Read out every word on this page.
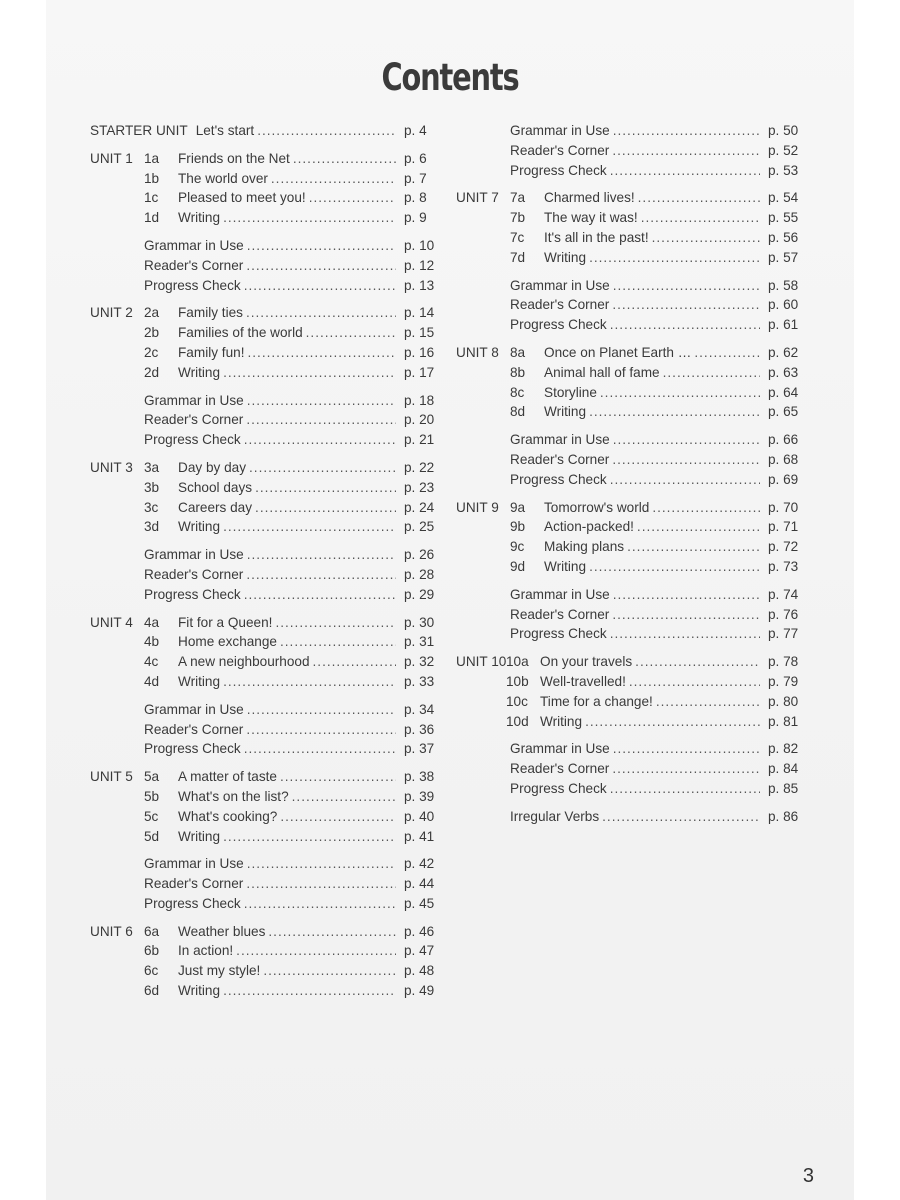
Contents
STARTER UNIT Let's start .....	p. 4
UNIT 1 1a	Friends on the Net .....	p. 6
1b	The world over .....	p. 7
1c	Pleased to meet you! .....	p. 8
1d	Writing .....	p. 9
Grammar in Use .....	p. 10
Reader's Corner .....	p. 12
Progress Check .....	p. 13
UNIT 2 2a	Family ties .....	p. 14
2b	Families of the world .....	p. 15
2c	Family fun! .....	p. 16
2d	Writing .....	p. 17
Grammar in Use .....	p. 18
Reader's Corner .....	p. 20
Progress Check .....	p. 21
UNIT 3 3a	Day by day .....	p. 22
3b	School days .....	p. 23
3c	Careers day .....	p. 24
3d	Writing .....	p. 25
Grammar in Use .....	p. 26
Reader's Corner .....	p. 28
Progress Check .....	p. 29
UNIT 4 4a	Fit for a Queen! .....	p. 30
4b	Home exchange .....	p. 31
4c	A new neighbourhood .....	p. 32
4d	Writing .....	p. 33
Grammar in Use .....	p. 34
Reader's Corner .....	p. 36
Progress Check .....	p. 37
UNIT 5 5a	A matter of taste .....	p. 38
5b	What's on the list? .....	p. 39
5c	What's cooking? .....	p. 40
5d	Writing .....	p. 41
Grammar in Use .....	p. 42
Reader's Corner .....	p. 44
Progress Check .....	p. 45
UNIT 6 6a	Weather blues .....	p. 46
6b	In action! .....	p. 47
6c	Just my style! .....	p. 48
6d	Writing .....	p. 49
Grammar in Use .....	p. 50
Reader's Corner .....	p. 52
Progress Check .....	p. 53
UNIT 7 7a	Charmed lives! .....	p. 54
7b	The way it was! .....	p. 55
7c	It's all in the past! .....	p. 56
7d	Writing .....	p. 57
Grammar in Use .....	p. 58
Reader's Corner .....	p. 60
Progress Check .....	p. 61
UNIT 8 8a	Once on Planet Earth … .....	p. 62
8b	Animal hall of fame .....	p. 63
8c	Storyline .....	p. 64
8d	Writing .....	p. 65
Grammar in Use .....	p. 66
Reader's Corner .....	p. 68
Progress Check .....	p. 69
UNIT 9 9a	Tomorrow's world .....	p. 70
9b	Action-packed! .....	p. 71
9c	Making plans .....	p. 72
9d	Writing .....	p. 73
Grammar in Use .....	p. 74
Reader's Corner .....	p. 76
Progress Check .....	p. 77
UNIT 10 10a On your travels .....	p. 78
10b Well-travelled! .....	p. 79
10c Time for a change! .....	p. 80
10d Writing .....	p. 81
Grammar in Use .....	p. 82
Reader's Corner .....	p. 84
Progress Check .....	p. 85
Irregular Verbs .....	p. 86
3
